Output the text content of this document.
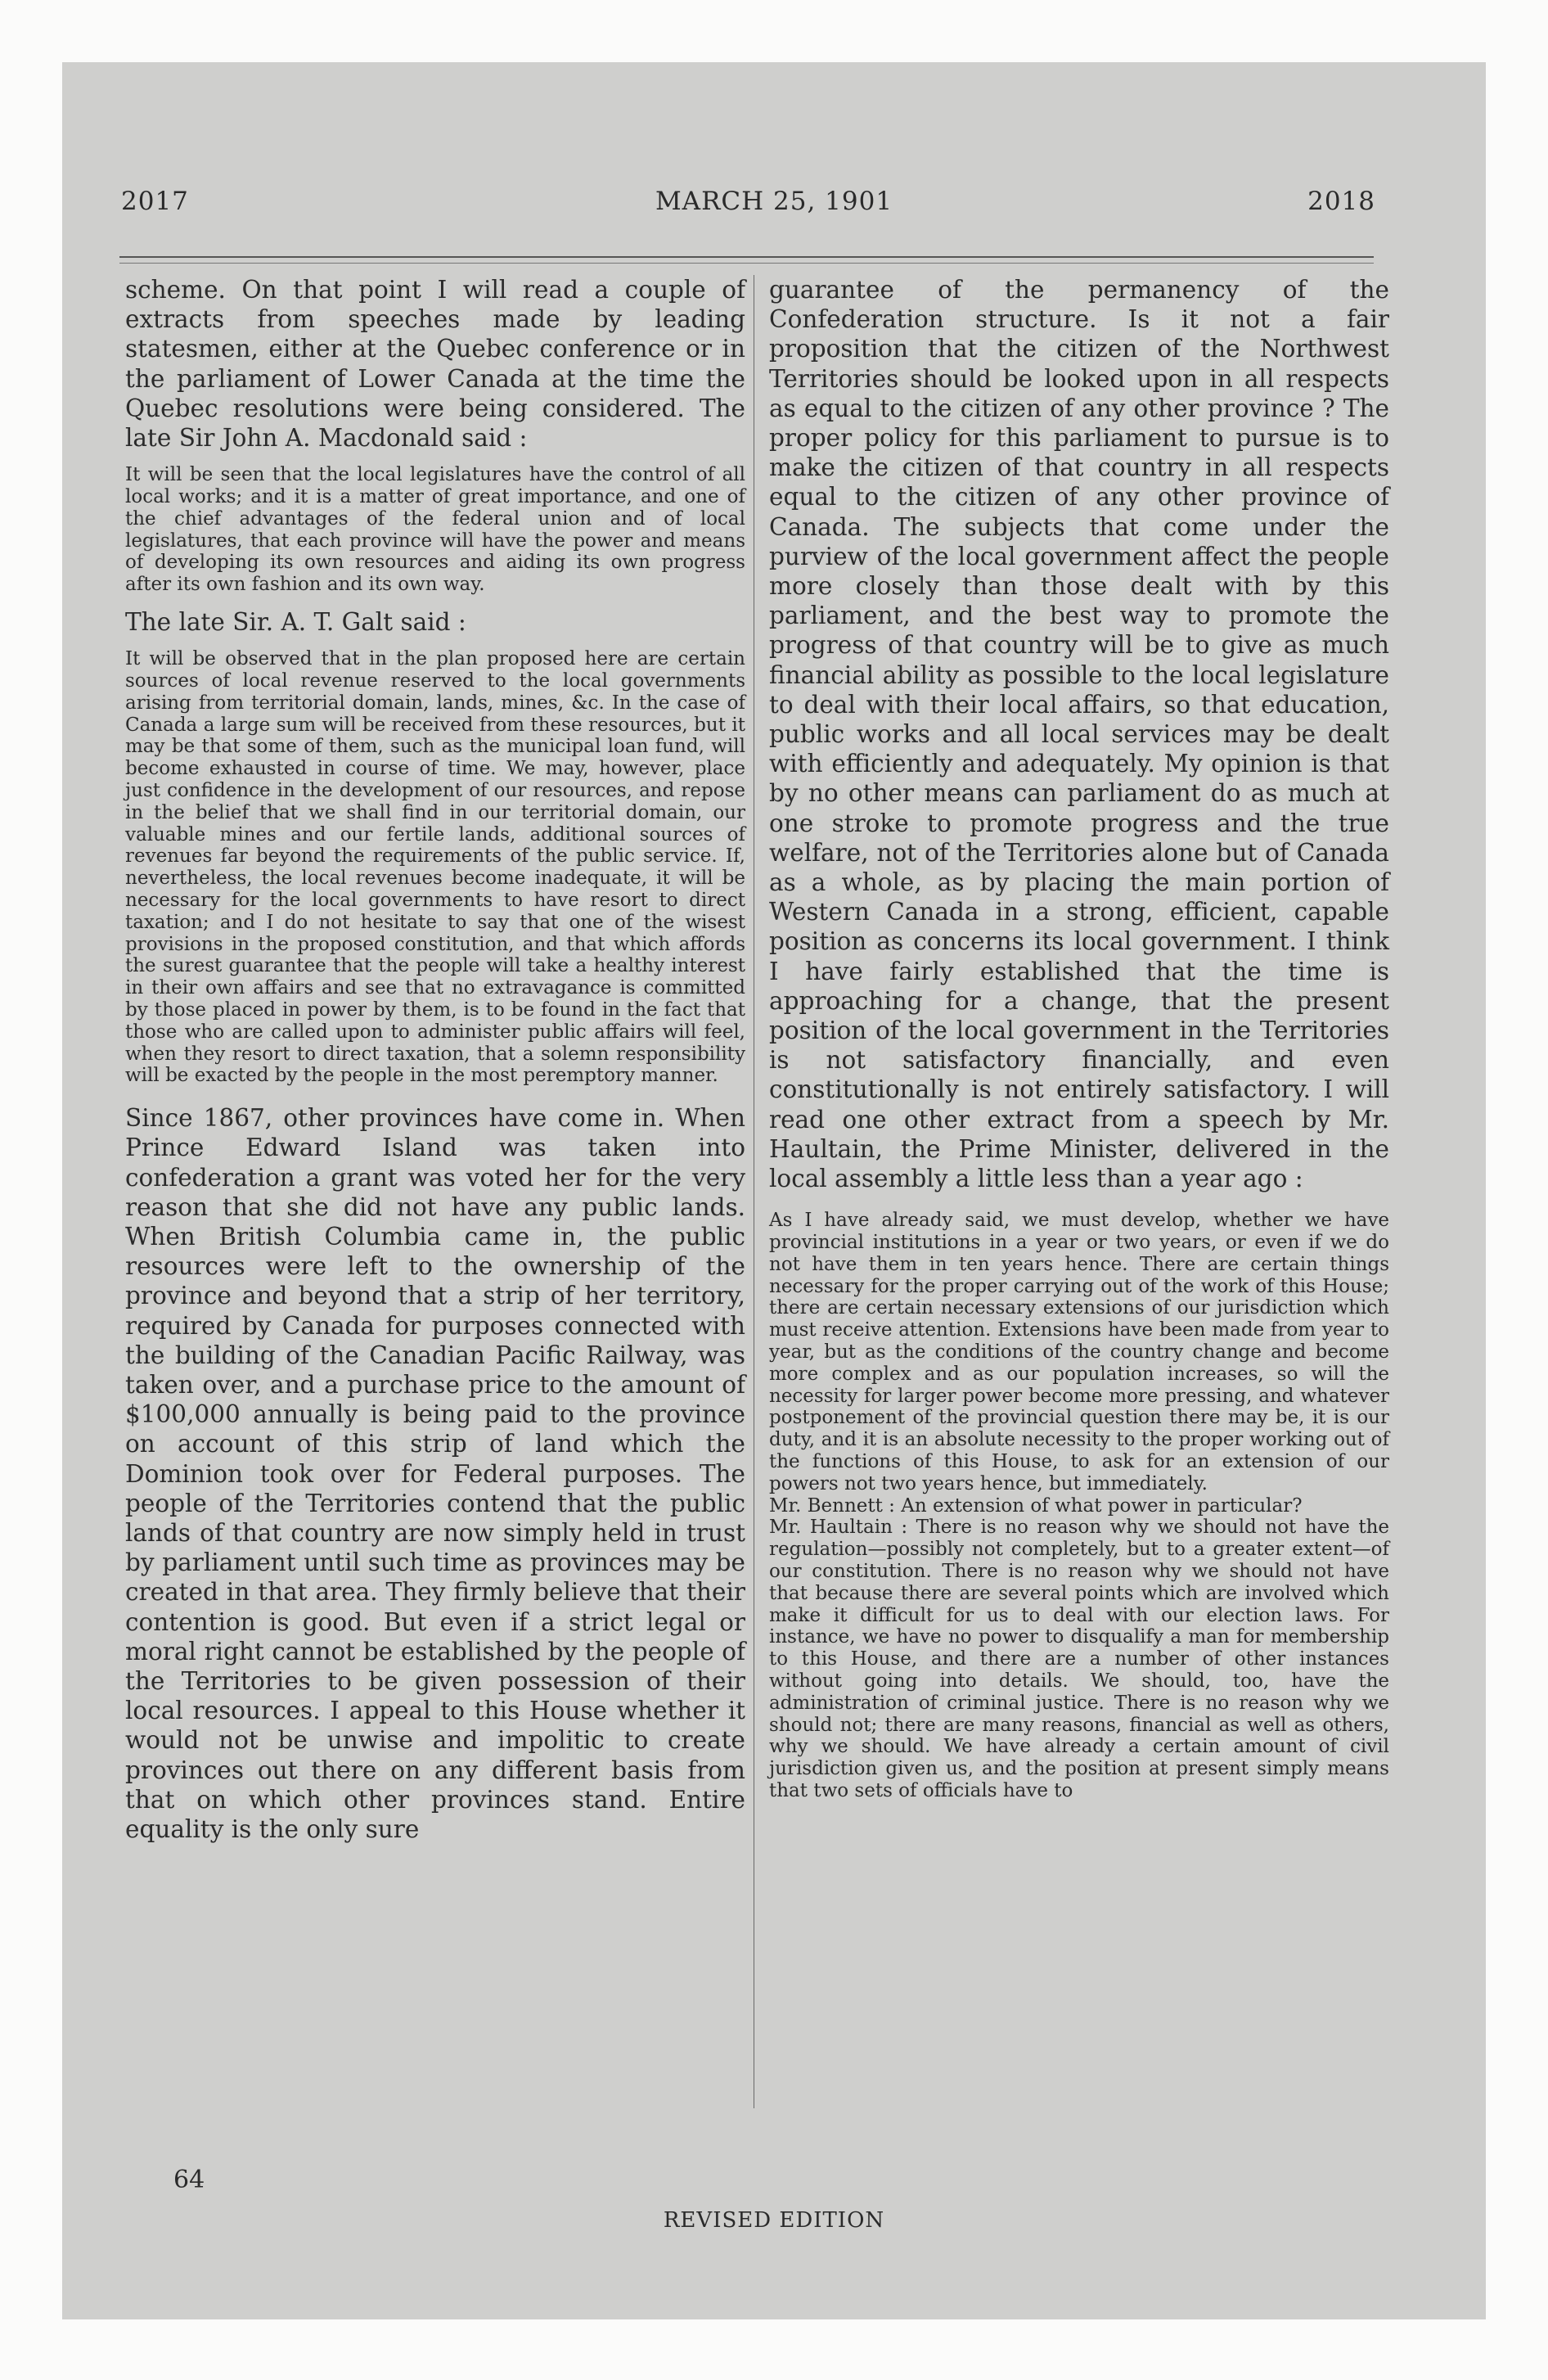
2017	MARCH 25, 1901	2018

scheme. On that point I will read a couple of extracts from speeches made by leading statesmen, either at the Quebec conference or in the parliament of Lower Canada at the time the Quebec resolutions were being considered. The late Sir John A. Macdonald said :

It will be seen that the local legislatures have the control of all local works; and it is a matter of great importance, and one of the chief advantages of the federal union and of local legislatures, that each province will have the power and means of developing its own resources and aiding its own progress after its own fashion and its own way.

The late Sir. A. T. Galt said :

It will be observed that in the plan proposed here are certain sources of local revenue reserved to the local governments arising from territorial domain, lands, mines, &c. In the case of Canada a large sum will be received from these resources, but it may be that some of them, such as the municipal loan fund, will become exhausted in course of time. We may, however, place just confidence in the development of our resources, and repose in the belief that we shall find in our territorial domain, our valuable mines and our fertile lands, additional sources of revenues far beyond the requirements of the public service. If, nevertheless, the local revenues become inadequate, it will be necessary for the local governments to have resort to direct taxation; and I do not hesitate to say that one of the wisest provisions in the proposed constitution, and that which affords the surest guarantee that the people will take a healthy interest in their own affairs and see that no extravagance is committed by those placed in power by them, is to be found in the fact that those who are called upon to administer public affairs will feel, when they resort to direct taxation, that a solemn responsibility will be exacted by the people in the most peremptory manner.

Since 1867, other provinces have come in. When Prince Edward Island was taken into confederation a grant was voted her for the very reason that she did not have any public lands. When British Columbia came in, the public resources were left to the ownership of the province and beyond that a strip of her territory, required by Canada for purposes connected with the building of the Canadian Pacific Railway, was taken over, and a purchase price to the amount of $100,000 annually is being paid to the province on account of this strip of land which the Dominion took over for Federal purposes. The people of the Territories contend that the public lands of that country are now simply held in trust by parliament until such time as provinces may be created in that area. They firmly believe that their contention is good. But even if a strict legal or moral right cannot be established by the people of the Territories to be given possession of their local resources. I appeal to this House whether it would not be unwise and impolitic to create provinces out there on any different basis from that on which other provinces stand. Entire equality is the only sure

guarantee of the permanency of the Confederation structure. Is it not a fair proposition that the citizen of the Northwest Territories should be looked upon in all respects as equal to the citizen of any other province ? The proper policy for this parliament to pursue is to make the citizen of that country in all respects equal to the citizen of any other province of Canada. The subjects that come under the purview of the local government affect the people more closely than those dealt with by this parliament, and the best way to promote the progress of that country will be to give as much financial ability as possible to the local legislature to deal with their local affairs, so that education, public works and all local services may be dealt with efficiently and adequately. My opinion is that by no other means can parliament do as much at one stroke to promote progress and the true welfare, not of the Territories alone but of Canada as a whole, as by placing the main portion of Western Canada in a strong, efficient, capable position as concerns its local government. I think I have fairly established that the time is approaching for a change, that the present position of the local government in the Territories is not satisfactory financially, and even constitutionally is not entirely satisfactory. I will read one other extract from a speech by Mr. Haultain, the Prime Minister, delivered in the local assembly a little less than a year ago :

As I have already said, we must develop, whether we have provincial institutions in a year or two years, or even if we do not have them in ten years hence. There are certain things necessary for the proper carrying out of the work of this House; there are certain necessary extensions of our jurisdiction which must receive attention. Extensions have been made from year to year, but as the conditions of the country change and become more complex and as our population increases, so will the necessity for larger power become more pressing, and whatever postponement of the provincial question there may be, it is our duty, and it is an absolute necessity to the proper working out of the functions of this House, to ask for an extension of our powers not two years hence, but immediately.

Mr. Bennett : An extension of what power in particular?

Mr. Haultain : There is no reason why we should not have the regulation—possibly not completely, but to a greater extent—of our constitution. There is no reason why we should not have that because there are several points which are involved which make it difficult for us to deal with our election laws. For instance, we have no power to disqualify a man for membership to this House, and there are a number of other instances without going into details. We should, too, have the administration of criminal justice. There is no reason why we should not; there are many reasons, financial as well as others, why we should. We have already a certain amount of civil jurisdiction given us, and the position at present simply means that two sets of officials have to

64
REVISED EDITION
